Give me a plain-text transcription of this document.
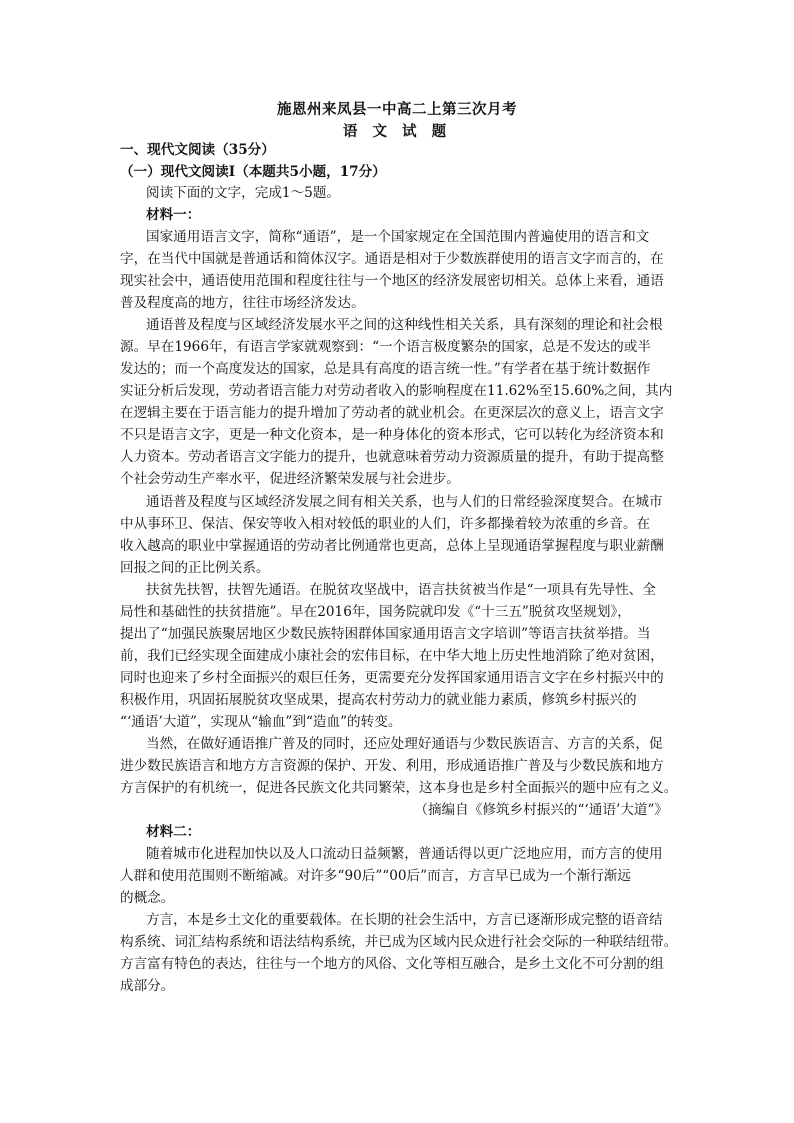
施恩州来凤县一中高二上第三次月考
语 文 试 题
一、现代文阅读（35分）
（一）现代文阅读Ⅰ（本题共5小题，17分）
阅读下面的文字，完成1～5题。
材料一：
国家通用语言文字，简称“通语”，是一个国家规定在全国范围内普遍使用的语言和文
字，在当代中国就是普通话和简体汉字。通语是相对于少数族群使用的语言文字而言的，在
现实社会中，通语使用范围和程度往往与一个地区的经济发展密切相关。总体上来看，通语
普及程度高的地方，往往市场经济发达。
通语普及程度与区域经济发展水平之间的这种线性相关关系，具有深刻的理论和社会根
源。早在1966年，有语言学家就观察到：“一个语言极度繁杂的国家，总是不发达的或半
发达的；而一个高度发达的国家，总是具有高度的语言统一性。”有学者在基于统计数据作
实证分析后发现，劳动者语言能力对劳动者收入的影响程度在11.62%至15.60%之间，其内
在逻辑主要在于语言能力的提升增加了劳动者的就业机会。在更深层次的意义上，语言文字
不只是语言文字，更是一种文化资本，是一种身体化的资本形式，它可以转化为经济资本和
人力资本。劳动者语言文字能力的提升，也就意味着劳动力资源质量的提升，有助于提高整
个社会劳动生产率水平，促进经济繁荣发展与社会进步。
通语普及程度与区域经济发展之间有相关关系，也与人们的日常经验深度契合。在城市
中从事环卫、保洁、保安等收入相对较低的职业的人们，许多都操着较为浓重的乡音。在
收入越高的职业中掌握通语的劳动者比例通常也更高，总体上呈现通语掌握程度与职业薪酬
回报之间的正比例关系。
扶贫先扶智，扶智先通语。在脱贫攻坚战中，语言扶贫被当作是“一项具有先导性、全
局性和基础性的扶贫措施”。早在2016年，国务院就印发《“十三五”脱贫攻坚规划》，
提出了“加强民族聚居地区少数民族特困群体国家通用语言文字培训”等语言扶贫举措。当
前，我们已经实现全面建成小康社会的宏伟目标，在中华大地上历史性地消除了绝对贫困，
同时也迎来了乡村全面振兴的艰巨任务，更需要充分发挥国家通用语言文字在乡村振兴中的
积极作用，巩固拓展脱贫攻坚成果，提高农村劳动力的就业能力素质，修筑乡村振兴的
“‘通语’大道”，实现从“输血”到“造血”的转变。
当然，在做好通语推广普及的同时，还应处理好通语与少数民族语言、方言的关系，促
进少数民族语言和地方方言资源的保护、开发、利用，形成通语推广普及与少数民族和地方
方言保护的有机统一，促进各民族文化共同繁荣，这本身也是乡村全面振兴的题中应有之义。
（摘编自《修筑乡村振兴的“‘通语’大道”》
材料二：
随着城市化进程加快以及人口流动日益频繁，普通话得以更广泛地应用，而方言的使用
人群和使用范围则不断缩减。对许多“90后”“00后”而言，方言早已成为一个渐行渐远
的概念。
方言，本是乡土文化的重要载体。在长期的社会生活中，方言已逐渐形成完整的语音结
构系统、词汇结构系统和语法结构系统，并已成为区域内民众进行社会交际的一种联结纽带。
方言富有特色的表达，往往与一个地方的风俗、文化等相互融合，是乡土文化不可分割的组
成部分。
